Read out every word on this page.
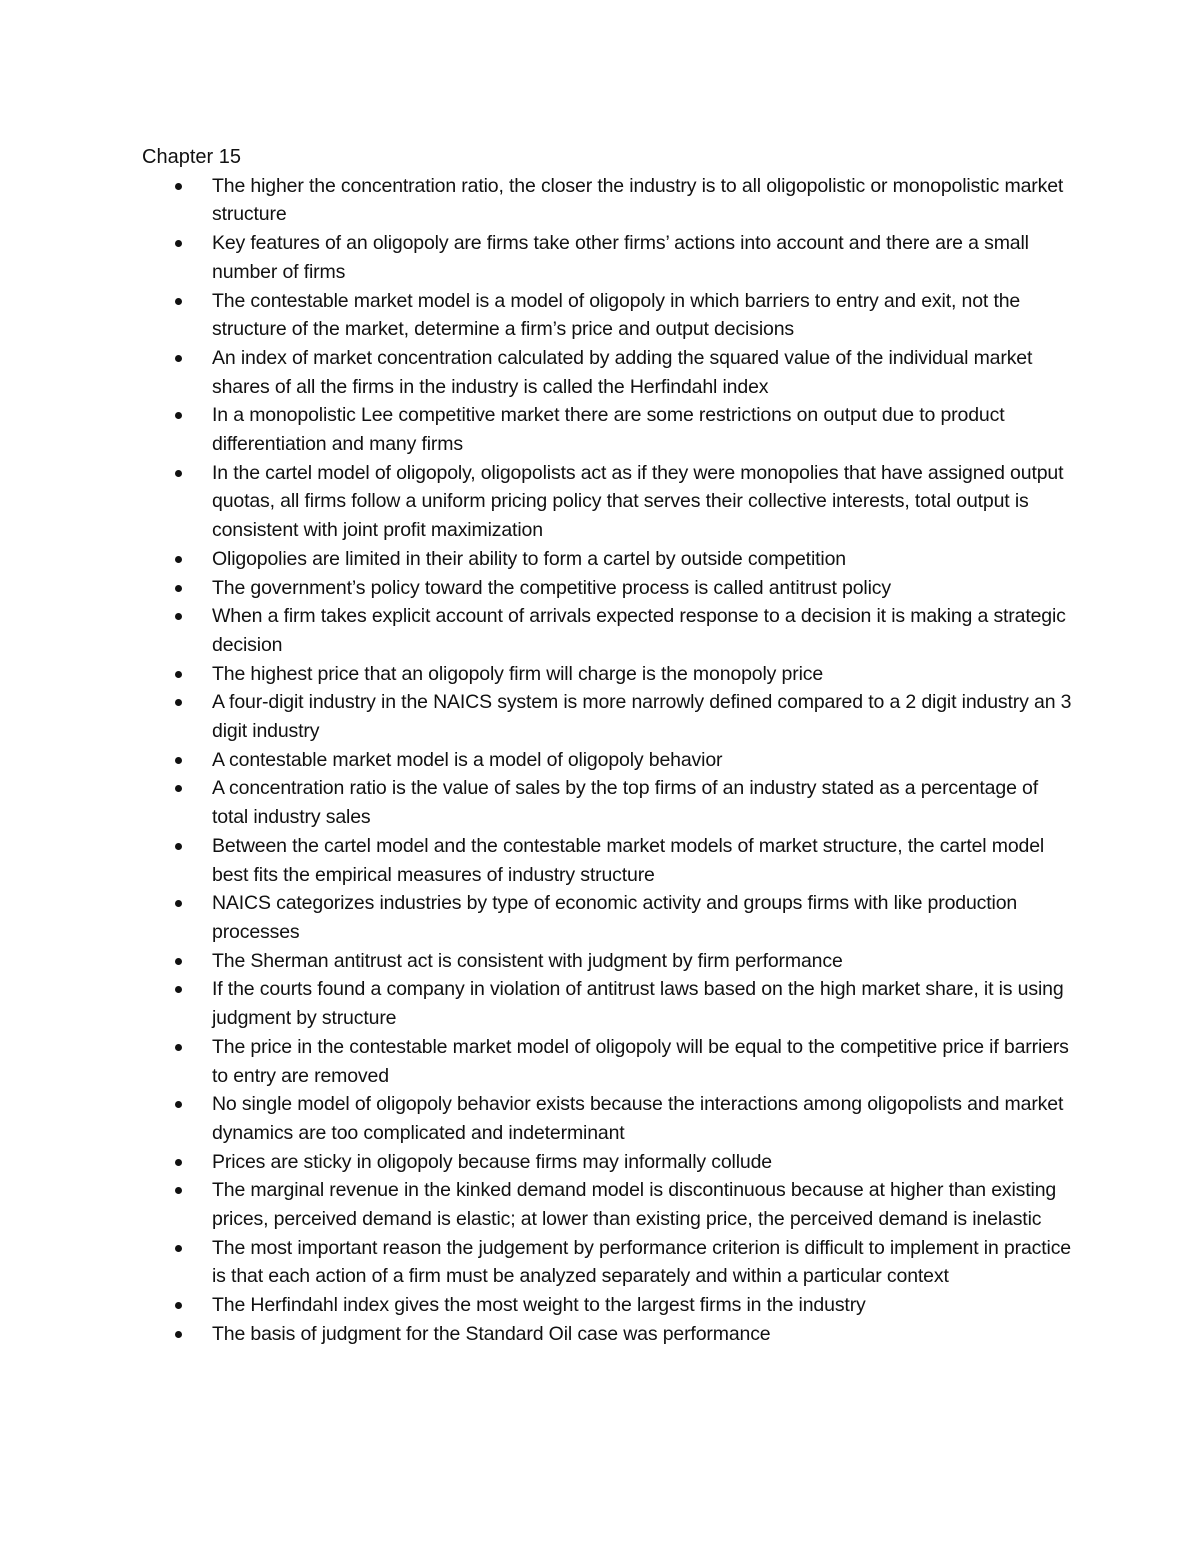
Chapter 15
The higher the concentration ratio, the closer the industry is to all oligopolistic or monopolistic market structure
Key features of an oligopoly are firms take other firms’ actions into account and there are a small number of firms
The contestable market model is a model of oligopoly in which barriers to entry and exit, not the structure of the market, determine a firm’s price and output decisions
An index of market concentration calculated by adding the squared value of the individual market shares of all the firms in the industry is called the Herfindahl index
In a monopolistic Lee competitive market there are some restrictions on output due to product differentiation and many firms
In the cartel model of oligopoly, oligopolists act as if they were monopolies that have assigned output quotas, all firms follow a uniform pricing policy that serves their collective interests, total output is consistent with joint profit maximization
Oligopolies are limited in their ability to form a cartel by outside competition
The government’s policy toward the competitive process is called antitrust policy
When a firm takes explicit account of arrivals expected response to a decision it is making a strategic decision
The highest price that an oligopoly firm will charge is the monopoly price
A four-digit industry in the NAICS system is more narrowly defined compared to a 2 digit industry an 3 digit industry
A contestable market model is a model of oligopoly behavior
A concentration ratio is the value of sales by the top firms of an industry stated as a percentage of total industry sales
Between the cartel model and the contestable market models of market structure, the cartel model best fits the empirical measures of industry structure
NAICS categorizes industries by type of economic activity and groups firms with like production processes
The Sherman antitrust act is consistent with judgment by firm performance
If the courts found a company in violation of antitrust laws based on the high market share, it is using judgment by structure
The price in the contestable market model of oligopoly will be equal to the competitive price if barriers to entry are removed
No single model of oligopoly behavior exists because the interactions among oligopolists and market dynamics are too complicated and indeterminant
Prices are sticky in oligopoly because firms may informally collude
The marginal revenue in the kinked demand model is discontinuous because at higher than existing prices, perceived demand is elastic; at lower than existing price, the perceived demand is inelastic
The most important reason the judgement by performance criterion is difficult to implement in practice is that each action of a firm must be analyzed separately and within a particular context
The Herfindahl index gives the most weight to the largest firms in the industry
The basis of judgment for the Standard Oil case was performance
